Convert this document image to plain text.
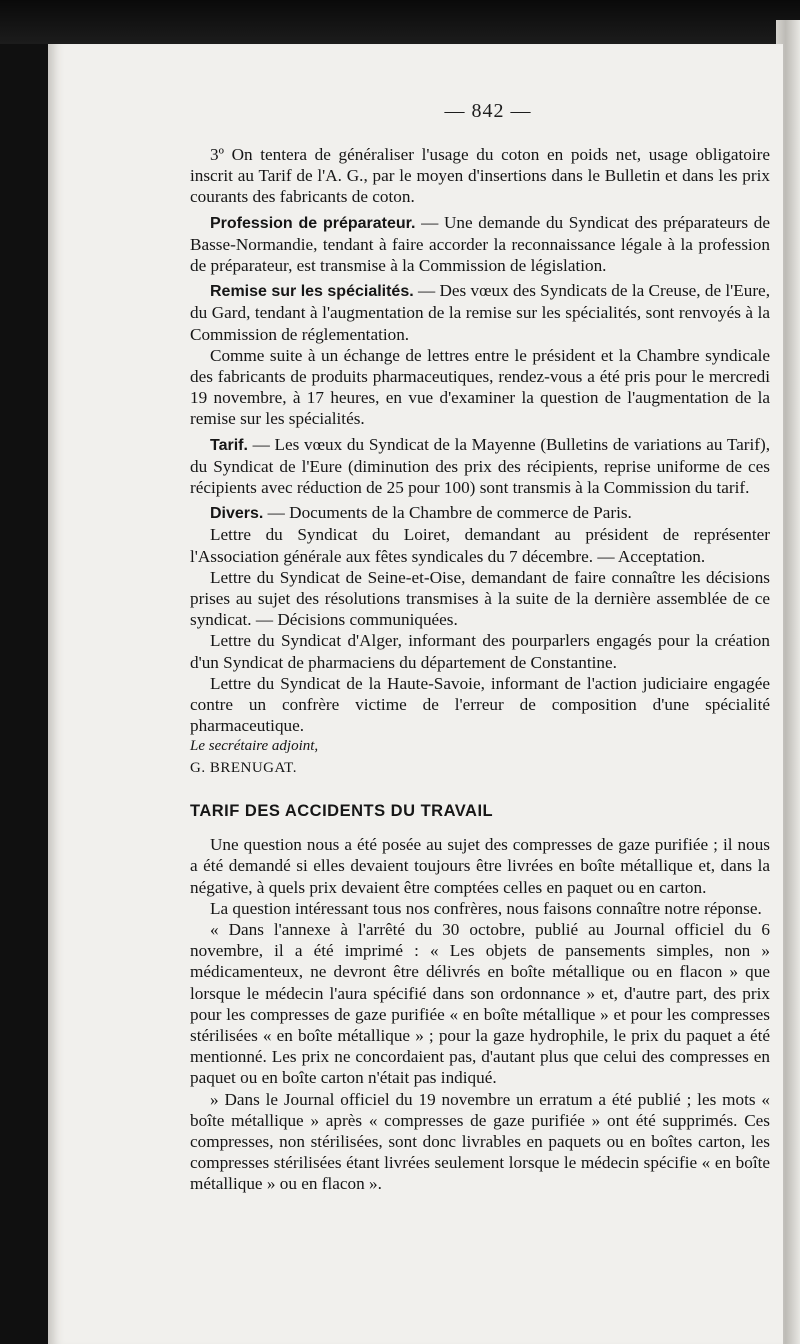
— 842 —

3º On tentera de généraliser l'usage du coton en poids net, usage obligatoire inscrit au Tarif de l'A. G., par le moyen d'insertions dans le Bulletin et dans les prix courants des fabricants de coton.

Profession de préparateur. — Une demande du Syndicat des préparateurs de Basse-Normandie, tendant à faire accorder la reconnaissance légale à la profession de préparateur, est transmise à la Commission de législation.

Remise sur les spécialités. — Des vœux des Syndicats de la Creuse, de l'Eure, du Gard, tendant à l'augmentation de la remise sur les spécialités, sont renvoyés à la Commission de réglementation.

Comme suite à un échange de lettres entre le président et la Chambre syndicale des fabricants de produits pharmaceutiques, rendez-vous a été pris pour le mercredi 19 novembre, à 17 heures, en vue d'examiner la question de l'augmentation de la remise sur les spécialités.

Tarif. — Les vœux du Syndicat de la Mayenne (Bulletins de variations au Tarif), du Syndicat de l'Eure (diminution des prix des récipients, reprise uniforme de ces récipients avec réduction de 25 pour 100) sont transmis à la Commission du tarif.

Divers. — Documents de la Chambre de commerce de Paris.

Lettre du Syndicat du Loiret, demandant au président de représenter l'Association générale aux fêtes syndicales du 7 décembre. — Acceptation.

Lettre du Syndicat de Seine-et-Oise, demandant de faire connaître les décisions prises au sujet des résolutions transmises à la suite de la dernière assemblée de ce syndicat. — Décisions communiquées.

Lettre du Syndicat d'Alger, informant des pourparlers engagés pour la création d'un Syndicat de pharmaciens du département de Constantine.

Lettre du Syndicat de la Haute-Savoie, informant de l'action judiciaire engagée contre un confrère victime de l'erreur de composition d'une spécialité pharmaceutique.

Le secrétaire adjoint,

G. BRENUGAT.

TARIF DES ACCIDENTS DU TRAVAIL

Une question nous a été posée au sujet des compresses de gaze purifiée ; il nous a été demandé si elles devaient toujours être livrées en boîte métallique et, dans la négative, à quels prix devaient être comptées celles en paquet ou en carton.

La question intéressant tous nos confrères, nous faisons connaître notre réponse.

« Dans l'annexe à l'arrêté du 30 octobre, publié au Journal officiel du 6 novembre, il a été imprimé : « Les objets de pansements simples, non » médicamenteux, ne devront être délivrés en boîte métallique ou en flacon » que lorsque le médecin l'aura spécifié dans son ordonnance » et, d'autre part, des prix pour les compresses de gaze purifiée « en boîte métallique » et pour les compresses stérilisées « en boîte métallique » ; pour la gaze hydrophile, le prix du paquet a été mentionné. Les prix ne concordaient pas, d'autant plus que celui des compresses en paquet ou en boîte carton n'était pas indiqué.

» Dans le Journal officiel du 19 novembre un erratum a été publié ; les mots « boîte métallique » après « compresses de gaze purifiée » ont été supprimés. Ces compresses, non stérilisées, sont donc livrables en paquets ou en boîtes carton, les compresses stérilisées étant livrées seulement lorsque le médecin spécifie « en boîte métallique » ou en flacon ».
